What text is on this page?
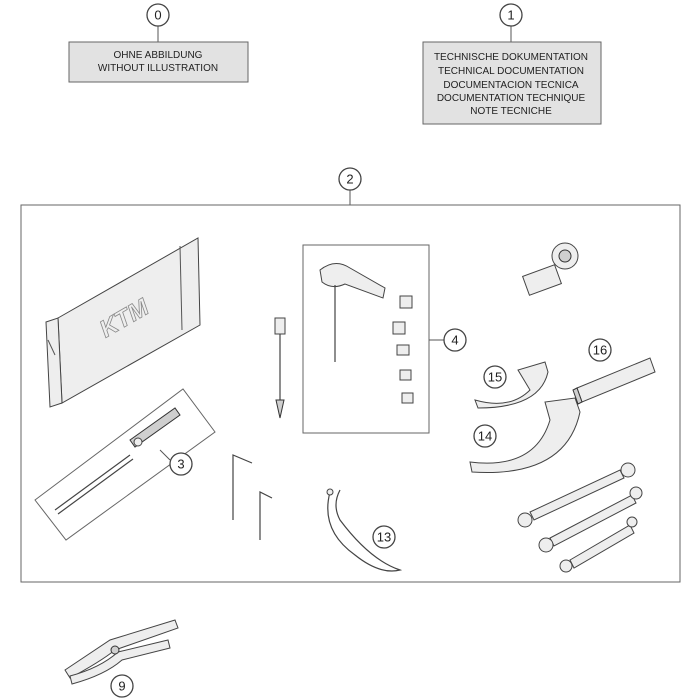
0
OHNE ABBILDUNG
WITHOUT ILLUSTRATION
1
TECHNISCHE DOKUMENTATION
TECHNICAL DOCUMENTATION
DOCUMENTACION TECNICA
DOCUMENTATION TECHNIQUE
NOTE TECNICHE
2
KTM
3
4
15
14
16
13
9
